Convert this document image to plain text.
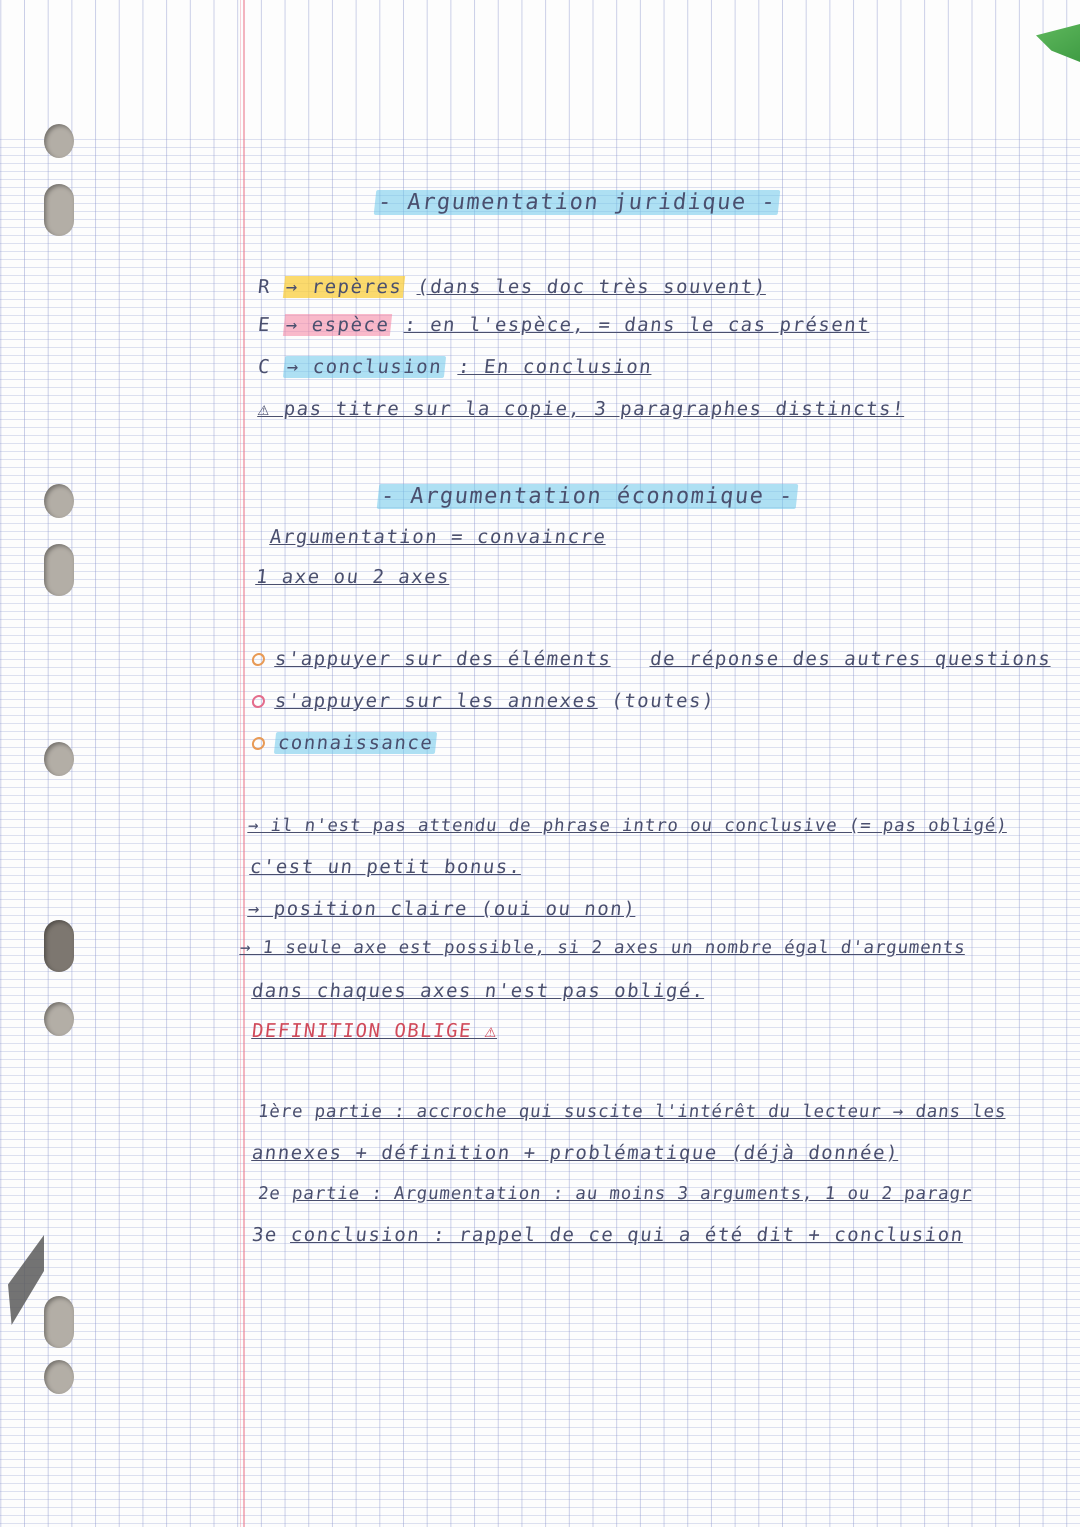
- Argumentation juridique -
R → repères (dans les doc très souvent)
E → espèce : en l'espèce, = dans le cas présent
C → conclusion : En conclusion
⚠ pas titre sur la copie, 3 paragraphes distincts!
- Argumentation économique -
Argumentation = convaincre
1 axe ou 2 axes
s'appuyer sur des éléments de réponse des autres questions
s'appuyer sur les annexes (toutes)
connaissance
→ il n'est pas attendu de phrase intro ou conclusive (= pas obligé)
c'est un petit bonus.
→ position claire (oui ou non)
→ 1 seule axe est possible, si 2 axes un nombre égal d'arguments
dans chaques axes n'est pas obligé.
DEFINITION OBLIGE ⚠
1ère partie : accroche qui suscite l'intérêt du lecteur → dans les
annexes + définition + problématique (déjà donnée)
2e partie : Argumentation : au moins 3 arguments, 1 ou 2 paragr
3e conclusion : rappel de ce qui a été dit + conclusion
